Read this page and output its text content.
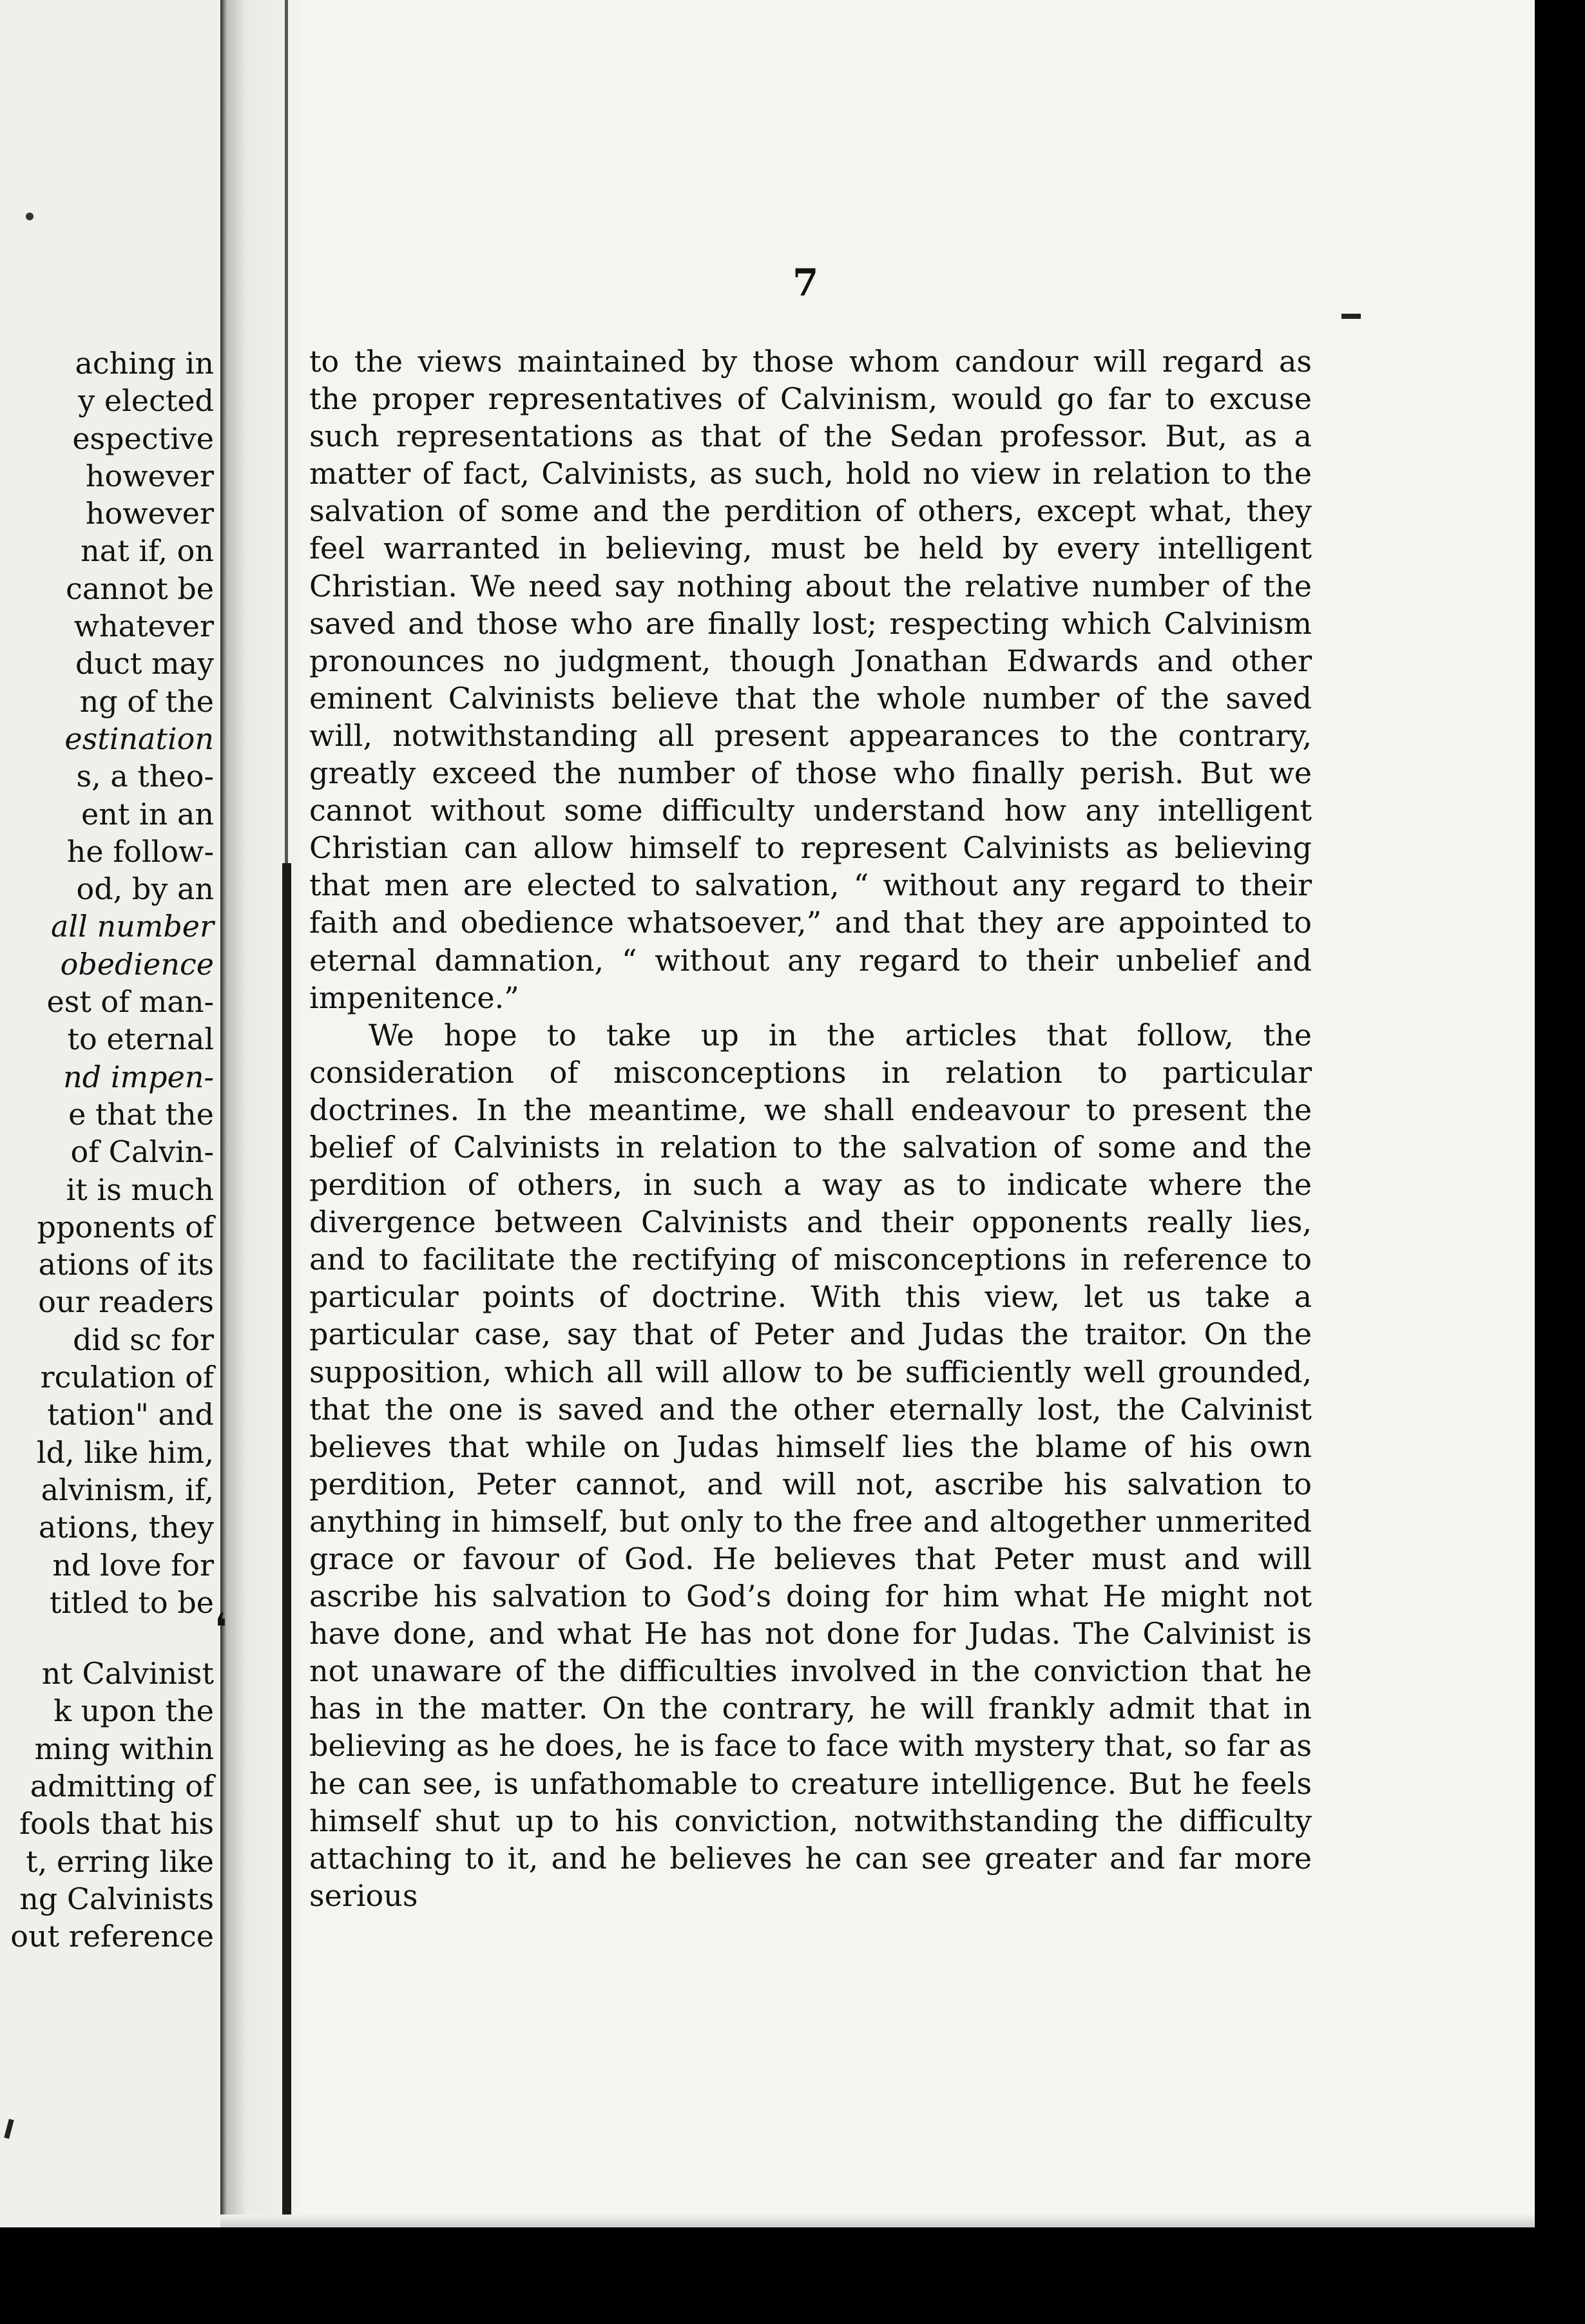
aching in
y elected
espective
however
however
nat if, on
cannot be
whatever
duct may
ng of the
estination
s, a theo-
ent in an
he follow-
od, by an
all number
obedience
est of man-
to eternal
nd impen-
e that the
of Calvin-
it is much
pponents of
ations of its
our readers
did sc for
rculation of
tation" and
ld, like him,
alvinism, if,
ations, they
nd love for
titled to be
nt Calvinist
k upon the
ming within
admitting of
fools that his
t, erring like
ng Calvinists
out reference
❛
7

to the views maintained by those whom candour will regard as the proper representatives of Calvinism, would go far to excuse such representations as that of the Sedan professor. But, as a matter of fact, Calvinists, as such, hold no view in relation to the salvation of some and the perdition of others, except what, they feel warranted in believing, must be held by every intelligent Christian. We need say nothing about the relative number of the saved and those who are finally lost; respecting which Calvinism pronounces no judgment, though Jonathan Edwards and other eminent Calvinists believe that the whole number of the saved will, notwithstanding all present appearances to the contrary, greatly exceed the number of those who finally perish. But we cannot without some difficulty understand how any intelligent Christian can allow himself to represent Calvinists as believing that men are elected to salvation, “ without any regard to their faith and obedience whatsoever,” and that they are appointed to eternal damnation, “ without any regard to their unbelief and impenitence.”

We hope to take up in the articles that follow, the consideration of misconceptions in relation to particular doctrines. In the meantime, we shall endeavour to present the belief of Calvinists in relation to the salvation of some and the perdition of others, in such a way as to indicate where the divergence between Calvinists and their opponents really lies, and to facilitate the rectifying of misconceptions in reference to particular points of doctrine. With this view, let us take a particular case, say that of Peter and Judas the traitor. On the supposition, which all will allow to be sufficiently well grounded, that the one is saved and the other eternally lost, the Calvinist believes that while on Judas himself lies the blame of his own perdition, Peter cannot, and will not, ascribe his salvation to anything in himself, but only to the free and altogether unmerited grace or favour of God. He believes that Peter must and will ascribe his salvation to God’s doing for him what He might not have done, and what He has not done for Judas. The Calvinist is not unaware of the difficulties involved in the conviction that he has in the matter. On the contrary, he will frankly admit that in believing as he does, he is face to face with mystery that, so far as he can see, is unfathomable to creature intelligence. But he feels himself shut up to his conviction, notwithstanding the difficulty attaching to it, and he believes he can see greater and far more serious
